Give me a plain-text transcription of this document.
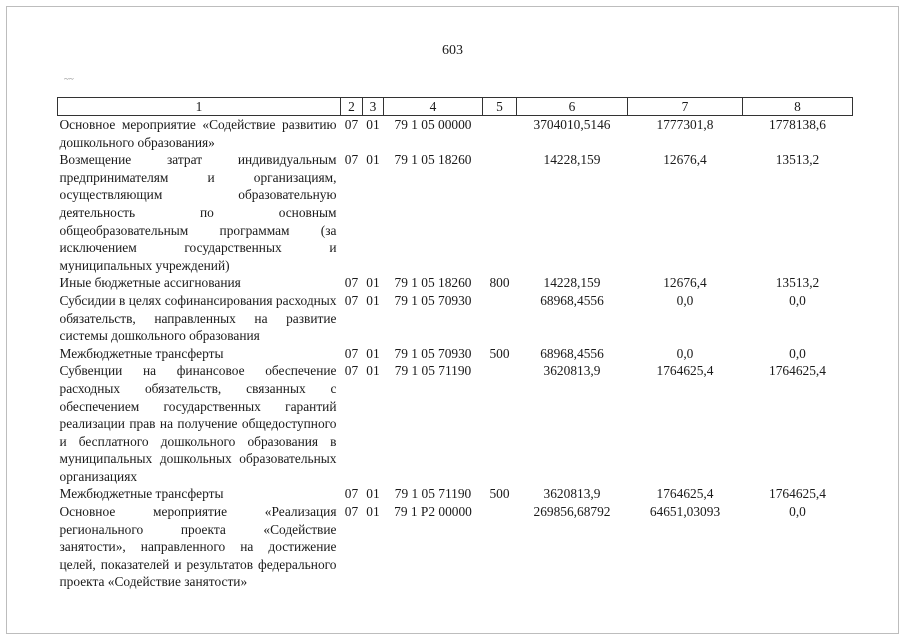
603
~~
1	2	3	4	5	6	7	8
Основное мероприятие «Содействие развитию дошкольного образования»	07	01	79 1 05 00000		3704010,5146	1777301,8	1778138,6
Возмещение затрат индивидуальным предпринимателям и организациям, осуществляющим образовательную деятельность по основным общеобразовательным программам (за исключением государственных и муниципальных учреждений)	07	01	79 1 05 18260		14228,159	12676,4	13513,2
Иные бюджетные ассигнования	07	01	79 1 05 18260	800	14228,159	12676,4	13513,2
Субсидии в целях софинансирования расходных обязательств, направленных на развитие системы дошкольного образования	07	01	79 1 05 70930		68968,4556	0,0	0,0
Межбюджетные трансферты	07	01	79 1 05 70930	500	68968,4556	0,0	0,0
Субвенции на финансовое обеспечение расходных обязательств, связанных с обеспечением государственных гарантий реализации прав на получение общедоступного и бесплатного дошкольного образования в муниципальных дошкольных образовательных организациях	07	01	79 1 05 71190		3620813,9	1764625,4	1764625,4
Межбюджетные трансферты	07	01	79 1 05 71190	500	3620813,9	1764625,4	1764625,4
Основное мероприятие «Реализация регионального проекта «Содействие занятости», направленного на достижение целей, показателей и результатов федерального проекта «Содействие занятости»	07	01	79 1 P2 00000		269856,68792	64651,03093	0,0
